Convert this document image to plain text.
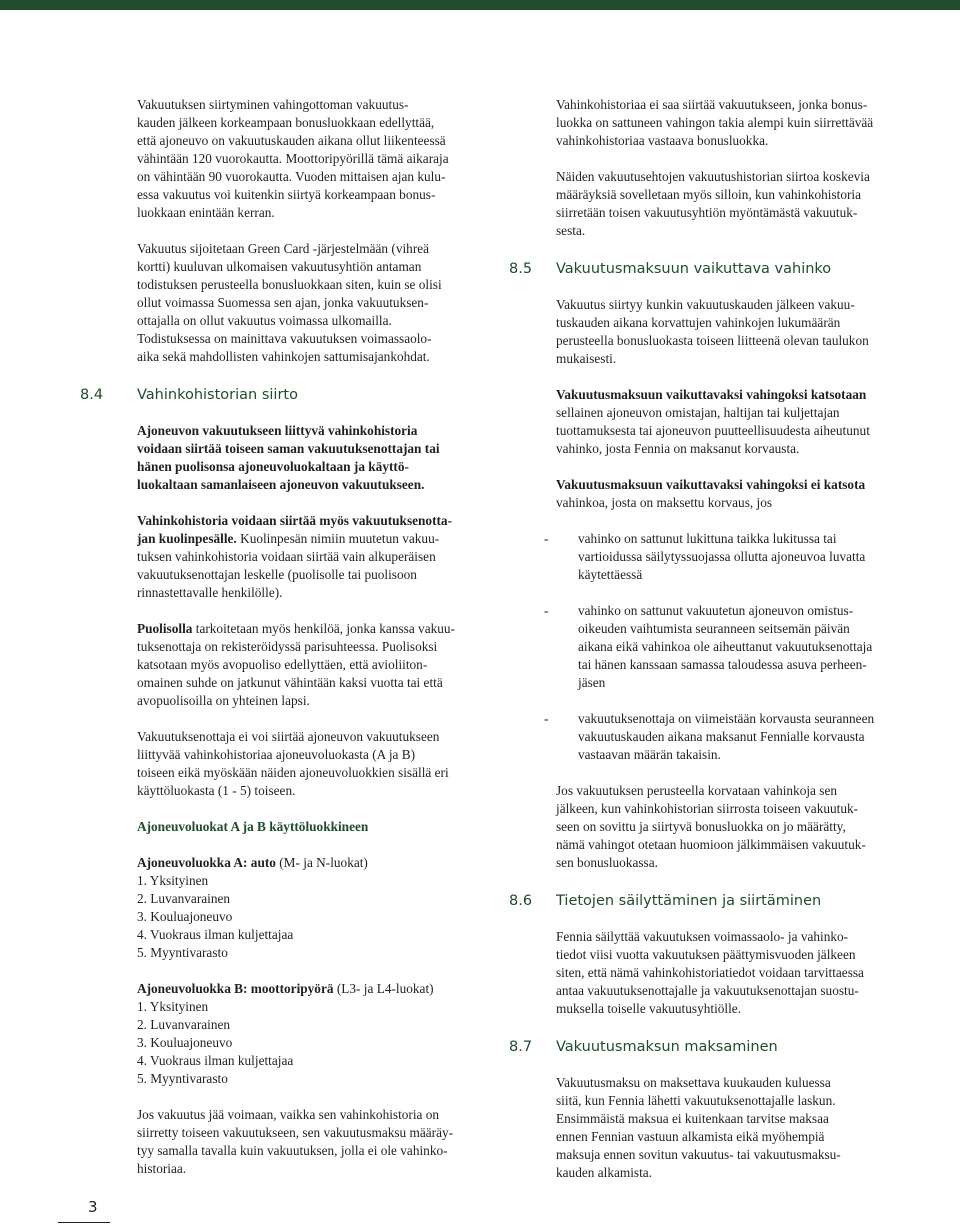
Vakuutuksen siirtyminen vahingottoman vakuutus-
kauden jälkeen korkeampaan bonusluokkaan edellyttää,
että ajoneuvo on vakuutuskauden aikana ollut liikenteessä
vähintään 120 vuorokautta. Moottoripyörillä tämä aikaraja
on vähintään 90 vuorokautta. Vuoden mittaisen ajan kulu-
essa vakuutus voi kuitenkin siirtyä korkeampaan bonus-
luokkaan enintään kerran.

Vakuutus sijoitetaan Green Card -järjestelmään (vihreä
kortti) kuuluvan ulkomaisen vakuutusyhtiön antaman
todistuksen perusteella bonusluokkaan siten, kuin se olisi
ollut voimassa Suomessa sen ajan, jonka vakuutuksen-
ottajalla on ollut vakuutus voimassa ulkomailla.
Todistuksessa on mainittava vakuutuksen voimassaolo-
aika sekä mahdollisten vahinkojen sattumisajankohdat.

8.4 Vahinkohistorian siirto

Ajoneuvon vakuutukseen liittyvä vahinkohistoria
voidaan siirtää toiseen saman vakuutuksenottajan tai
hänen puolisonsa ajoneuvoluokaltaan ja käyttö-
luokaltaan samanlaiseen ajoneuvon vakuutukseen.

Vahinkohistoria voidaan siirtää myös vakuutuksenotta-
jan kuolinpesälle. Kuolinpesän nimiin muutetun vakuu-
tuksen vahinkohistoria voidaan siirtää vain alkuperäisen
vakuutuksenottajan leskelle (puolisolle tai puolisoon
rinnastettavalle henkilölle).

Puolisolla tarkoitetaan myös henkilöä, jonka kanssa vakuu-
tuksenottaja on rekisteröidyssä parisuhteessa. Puolisoksi
katsotaan myös avopuoliso edellyttäen, että avioliiton-
omainen suhde on jatkunut vähintään kaksi vuotta tai että
avopuolisoilla on yhteinen lapsi.

Vakuutuksenottaja ei voi siirtää ajoneuvon vakuutukseen
liittyvää vahinkohistoriaa ajoneuvoluokasta (A ja B)
toiseen eikä myöskään näiden ajoneuvoluokkien sisällä eri
käyttöluokasta (1 - 5) toiseen.

Ajoneuvoluokat A ja B käyttöluokkineen

Ajoneuvoluokka A: auto (M- ja N-luokat)
1. Yksityinen
2. Luvanvarainen
3. Kouluajoneuvo
4. Vuokraus ilman kuljettajaa
5. Myyntivarasto
Ajoneuvoluokka B: moottoripyörä (L3- ja L4-luokat)
1. Yksityinen
2. Luvanvarainen
3. Kouluajoneuvo
4. Vuokraus ilman kuljettajaa
5. Myyntivarasto

Jos vakuutus jää voimaan, vaikka sen vahinkohistoria on
siirretty toiseen vakuutukseen, sen vakuutusmaksu määräy-
tyy samalla tavalla kuin vakuutuksen, jolla ei ole vahinko-
historiaa.

Vahinkohistoriaa ei saa siirtää vakuutukseen, jonka bonus-
luokka on sattuneen vahingon takia alempi kuin siirrettävää
vahinkohistoriaa vastaava bonusluokka.

Näiden vakuutusehtojen vakuutushistorian siirtoa koskevia
määräyksiä sovelletaan myös silloin, kun vahinkohistoria
siirretään toisen vakuutusyhtiön myöntämästä vakuutuk-
sesta.

8.5 Vakuutusmaksuun vaikuttava vahinko

Vakuutus siirtyy kunkin vakuutuskauden jälkeen vakuu-
tuskauden aikana korvattujen vahinkojen lukumäärän
perusteella bonusluokasta toiseen liitteenä olevan taulukon
mukaisesti.

Vakuutusmaksuun vaikuttavaksi vahingoksi katsotaan
sellainen ajoneuvon omistajan, haltijan tai kuljettajan
tuottamuksesta tai ajoneuvon puutteellisuudesta aiheutunut
vahinko, josta Fennia on maksanut korvausta.

Vakuutusmaksuun vaikuttavaksi vahingoksi ei katsota
vahinkoa, josta on maksettu korvaus, jos

- vahinko on sattunut lukittuna taikka lukitussa tai
vartioidussa säilytyssuojassa ollutta ajoneuvoa luvatta
käytettäessä
- vahinko on sattunut vakuutetun ajoneuvon omistus-
oikeuden vaihtumista seuranneen seitsemän päivän
aikana eikä vahinkoa ole aiheuttanut vakuutuksenottaja
tai hänen kanssaan samassa taloudessa asuva perheen-
jäsen
- vakuutuksenottaja on viimeistään korvausta seuranneen
vakuutuskauden aikana maksanut Fennialle korvausta
vastaavan määrän takaisin.

Jos vakuutuksen perusteella korvataan vahinkoja sen
jälkeen, kun vahinkohistorian siirrosta toiseen vakuutuk-
seen on sovittu ja siirtyvä bonusluokka on jo määrätty,
nämä vahingot otetaan huomioon jälkimmäisen vakuutuk-
sen bonusluokassa.

8.6 Tietojen säilyttäminen ja siirtäminen

Fennia säilyttää vakuutuksen voimassaolo- ja vahinko-
tiedot viisi vuotta vakuutuksen päättymisvuoden jälkeen
siten, että nämä vahinkohistoriatiedot voidaan tarvittaessa
antaa vakuutuksenottajalle ja vakuutuksenottajan suostu-
muksella toiselle vakuutusyhtiölle.

8.7 Vakuutusmaksun maksaminen

Vakuutusmaksu on maksettava kuukauden kuluessa
siitä, kun Fennia lähetti vakuutuksenottajalle laskun.
Ensimmäistä maksua ei kuitenkaan tarvitse maksaa
ennen Fennian vastuun alkamista eikä myöhempiä
maksuja ennen sovitun vakuutus- tai vakuutusmaksu-
kauden alkamista.

3
